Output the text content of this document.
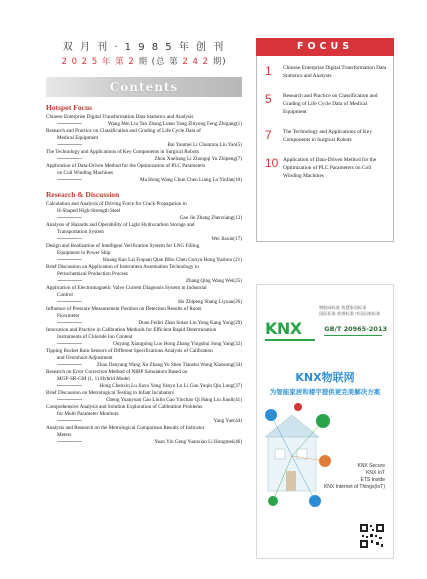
双 月 刊 · 1 9 8 5 年 创 刊
2 0 2 5 年 第 2 期 (总 第 2 4 2 期)
Contents
Hotspot Focus
Chinese Enterprise Digital Transformation Data Statistics and Analysis
--------------------	Wang Mei Liu Tao Zhang Lutao Yang Zhiyong Feng Zhigang(1)
Research and Practice on Classification and Grading of Life Cycle Data of
Medical Equipment
--------------------	Bai Yanmei Li Chunmiu Liu Yao(5)
The Technology and Applications of Key Components in Surgical Robots
--------------------	Zhou Xueliang Li Zhongqi Yu Zhipeng(7)
Application of Data-Driven Method for the Optimization of PLC Parameters
on Coil Winding Machines
--------------------	Ma Hong Wang Chun Chen Liang Lu Yinfan(10)
Research & Discussion
Calculation and Analysis of Driving Force for Crack Propagation in
H-Shaped High-Strength Steel
--------------------	Gao Jie Zhang Zhenxiang(13)
Analysis of Hazards and Operability of Light Hydrocarbon Storage and
Transportation System
--------------------	Wei Jiaxin(17)
Design and Realization of Intelligent Verification System for LNG Filling
Equipment in Power Ship
--------------------	Huang Kao Lai Fuquan Qian Bibo Chen Guoyu Hong Yuzhou (21)
Brief Discussion on Application of Instrument Automation Technology in
Petrochemical Production Process
--------------------	Zhang Qing Wang Wei(25)
Application of Electromagnetic Valve Current Diagnosis System in Industrial
Control
--------------------	Hu Zhipeng Shang Liyuan(26)
Influence of Pressure Measurement Position on Detection Results of Roots
Flowmeter
--------------------	Duan Feifei Zhao Sutao Lin Yong Kang Yong(29)
Innovation and Practice in Calibration Methods for Efficient Rapid Determination
Instruments of Chloride Ion Content
--------------------	Ouyang Xiangning Luo Hong Zhang Yingshui Song Yang(32)
Tipping Bucket Rain Sensors of Different Specifications Analysis of Calibration
and Overshoot Adjustment
--------------------	Zhao Danyang Wang Xu Zhang Yu Shen Tianshu Wang Xiaosong(34)
Research on Error Correction Method of NIBP Simulators Based on
MGF-SR-GM (1, 1) Hybrid Model
--------------------	Hong Chenxin Lu Jiaxu Yang Yanyu Lu Li Guo Yuqin Qiu Long(37)
Brief Discussion on Metrological Testing in Infant Incubators
--------------------	Cheng Yuanyuan Cao Linlin Gao Yinchao Qi Hang Liu Jiaoli(41)
Comprehensive Analysis and Solution Exploration of Calibration Problems
for Multi Parameter Monitors
--------------------	Yang Yue(44)
Analysis and Research on the Metrological Comparison Results of Indicator
Meters
--------------------	Yuan Yin Geng Yuanxiao Li Hongmei(46)
FOCUS
1	Chinese Enterprise Digital Transformation Data Statistics and Analysis
5	Research and Practice on Classification and Grading of Life Cycle Data of Medical Equipment
7	The Technology and Applications of Key Components in Surgical Robots
10 Application of Data-Driven Method for the Optimization of PLC Parameters on Coil Winding Machines
物联网标准 智慧家居标准
国际标准 欧洲标准 中国国家标准
KNX	GB/T 20965-2013
KNX物联网
为智能家居和楼宇提供更完美解决方案
KNX Secure
KNX IoT
ETS Inside
KNX Internet of Things(IoT)
